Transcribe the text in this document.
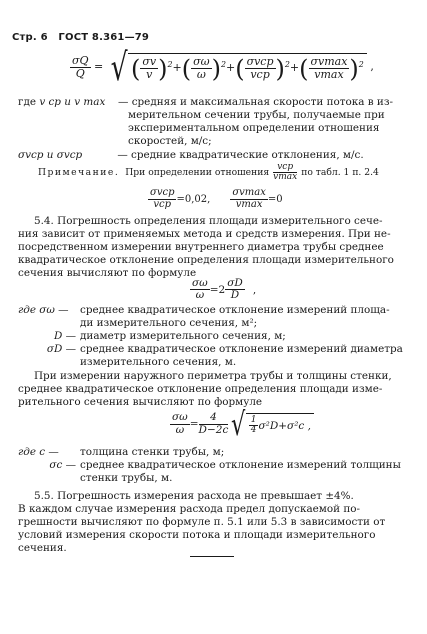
Стр. 6 ГОСТ 8.361—79
$\frac{\sigma Q}{Q}$ = √ ( $\frac{\sigma v}{v} )^2+( \frac{\sigma\omega}{\omega} )^2+( \frac{\text{σvср}}{\text{vср}} )^2+( \frac{\sigma vmax}{vmax} )^2$ ,
где v ср и v max	— средняя и максимальная скорости потока в из-
мерительном сечении трубы, получаемые при
экспериментальном определении отношения
скоростей, м/с;
σvср и σvср	— средние квадратические отклонения, м/с.
Примечание. При определении отношения $\frac{\text{vср}}{vmax}$ по табл. 1 п. 2.4
$\frac{\text{σvср}}{\text{vср}} =0,02$, $\frac{\sigma vmax}{vmax} =0$
5.4. Погрешность определения площади измерительного сече-
ния зависит от применяемых метода и средств измерения. При не-
посредственном измерении внутреннего диаметра трубы среднее
квадратическое отклонение определения площади измерительного
сечения вычисляют по формуле
$\frac{\sigma\omega}{\omega} =2 \frac{\sigma D}{D}$ ,
где σω —	среднее квадратическое отклонение измерений площа-
ди измерительного сечения, м²;
D — диаметр измерительного сечения, м;
σD — среднее квадратическое отклонение измерений диаметра
измерительного сечения, м.
При измерении наружного периметра трубы и толщины стенки,
среднее квадратическое отклонение определения площади изме-
рительного сечения вычисляют по формуле
$\frac{\sigma\omega}{\omega} = \frac{4}{D-2c}$ √ $\frac{1}{4} \sigma^2D+\sigma^2c$ ,
где c —	толщина стенки трубы, м;
σc — среднее квадратическое отклонение измерений толщины
стенки трубы, м.
5.5. Погрешность измерения расхода не превышает ±4%.
В каждом случае измерения расхода предел допускаемой по-
грешности вычисляют по формуле п. 5.1 или 5.3 в зависимости от
условий измерения скорости потока и площади измерительного
сечения.
